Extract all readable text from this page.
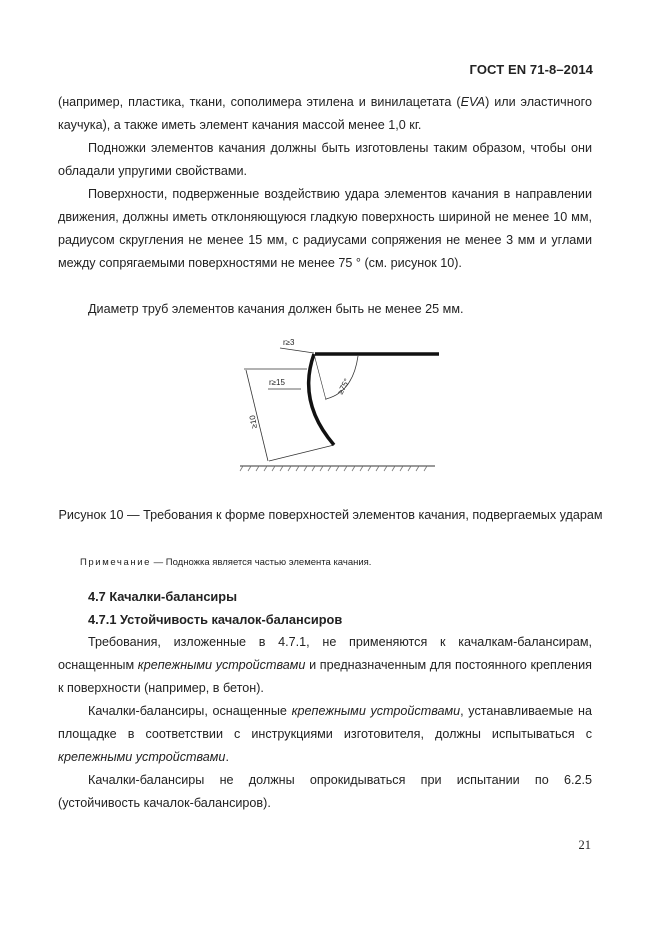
ГОСТ EN 71-8–2014

(например, пластика, ткани, сополимера этилена и винилацетата (EVA) или эластичного каучука), а также иметь элемент качания массой менее 1,0 кг.

Подножки элементов качания должны быть изготовлены таким образом, чтобы они обладали упругими свойствами.

Поверхности, подверженные воздействию удара элементов качания в направлении движения, должны иметь отклоняющуюся гладкую поверхность шириной не менее 10 мм, радиусом скругления не менее 15 мм, с радиусами сопряжения не менее 3 мм и углами между сопрягаемыми поверхностями не менее 75 ° (см. рисунок 10).

Диаметр труб элементов качания должен быть не менее 25 мм.

r≥3
r≥15
≥10
≥75°
Рисунок 10 — Требования к форме поверхностей элементов качания, подвергаемых ударам
Примечание — Подножка является частью элемента качания.
4.7 Качалки-балансиры
4.7.1 Устойчивость качалок-балансиров

Требования, изложенные в 4.7.1, не применяются к качалкам-балансирам, оснащенным крепежными устройствами и предназначенным для постоянного крепления к поверхности (например, в бетон).

Качалки-балансиры, оснащенные крепежными устройствами, устанавливаемые на площадке в соответствии с инструкциями изготовителя, должны испытываться с крепежными устройствами.

Качалки-балансиры не должны опрокидываться при испытании по 6.2.5 (устойчивость качалок-балансиров).

21
